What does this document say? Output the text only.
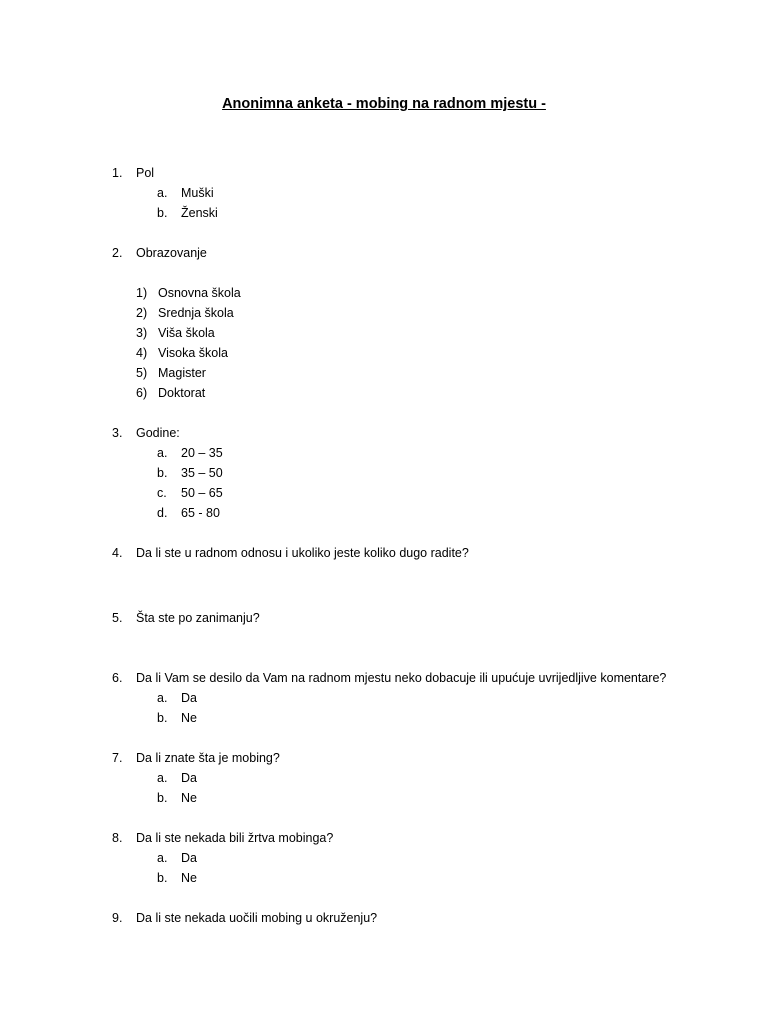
Anonimna anketa - mobing na radnom mjestu -
1. Pol
a. Muški
b. Ženski
2. Obrazovanje
1) Osnovna škola
2) Srednja škola
3) Viša škola
4) Visoka škola
5) Magister
6) Doktorat
3. Godine:
a. 20 – 35
b. 35 – 50
c. 50 – 65
d. 65 - 80
4. Da li ste u radnom odnosu i ukoliko jeste koliko dugo radite?
5. Šta ste po zanimanju?
6. Da li Vam se desilo da Vam na radnom mjestu neko dobacuje ili upućuje uvrijedljive komentare?
a. Da
b. Ne
7. Da li znate šta je mobing?
a. Da
b. Ne
8. Da li ste nekada bili žrtva mobinga?
a. Da
b. Ne
9. Da li ste nekada uočili mobing u okruženju?
